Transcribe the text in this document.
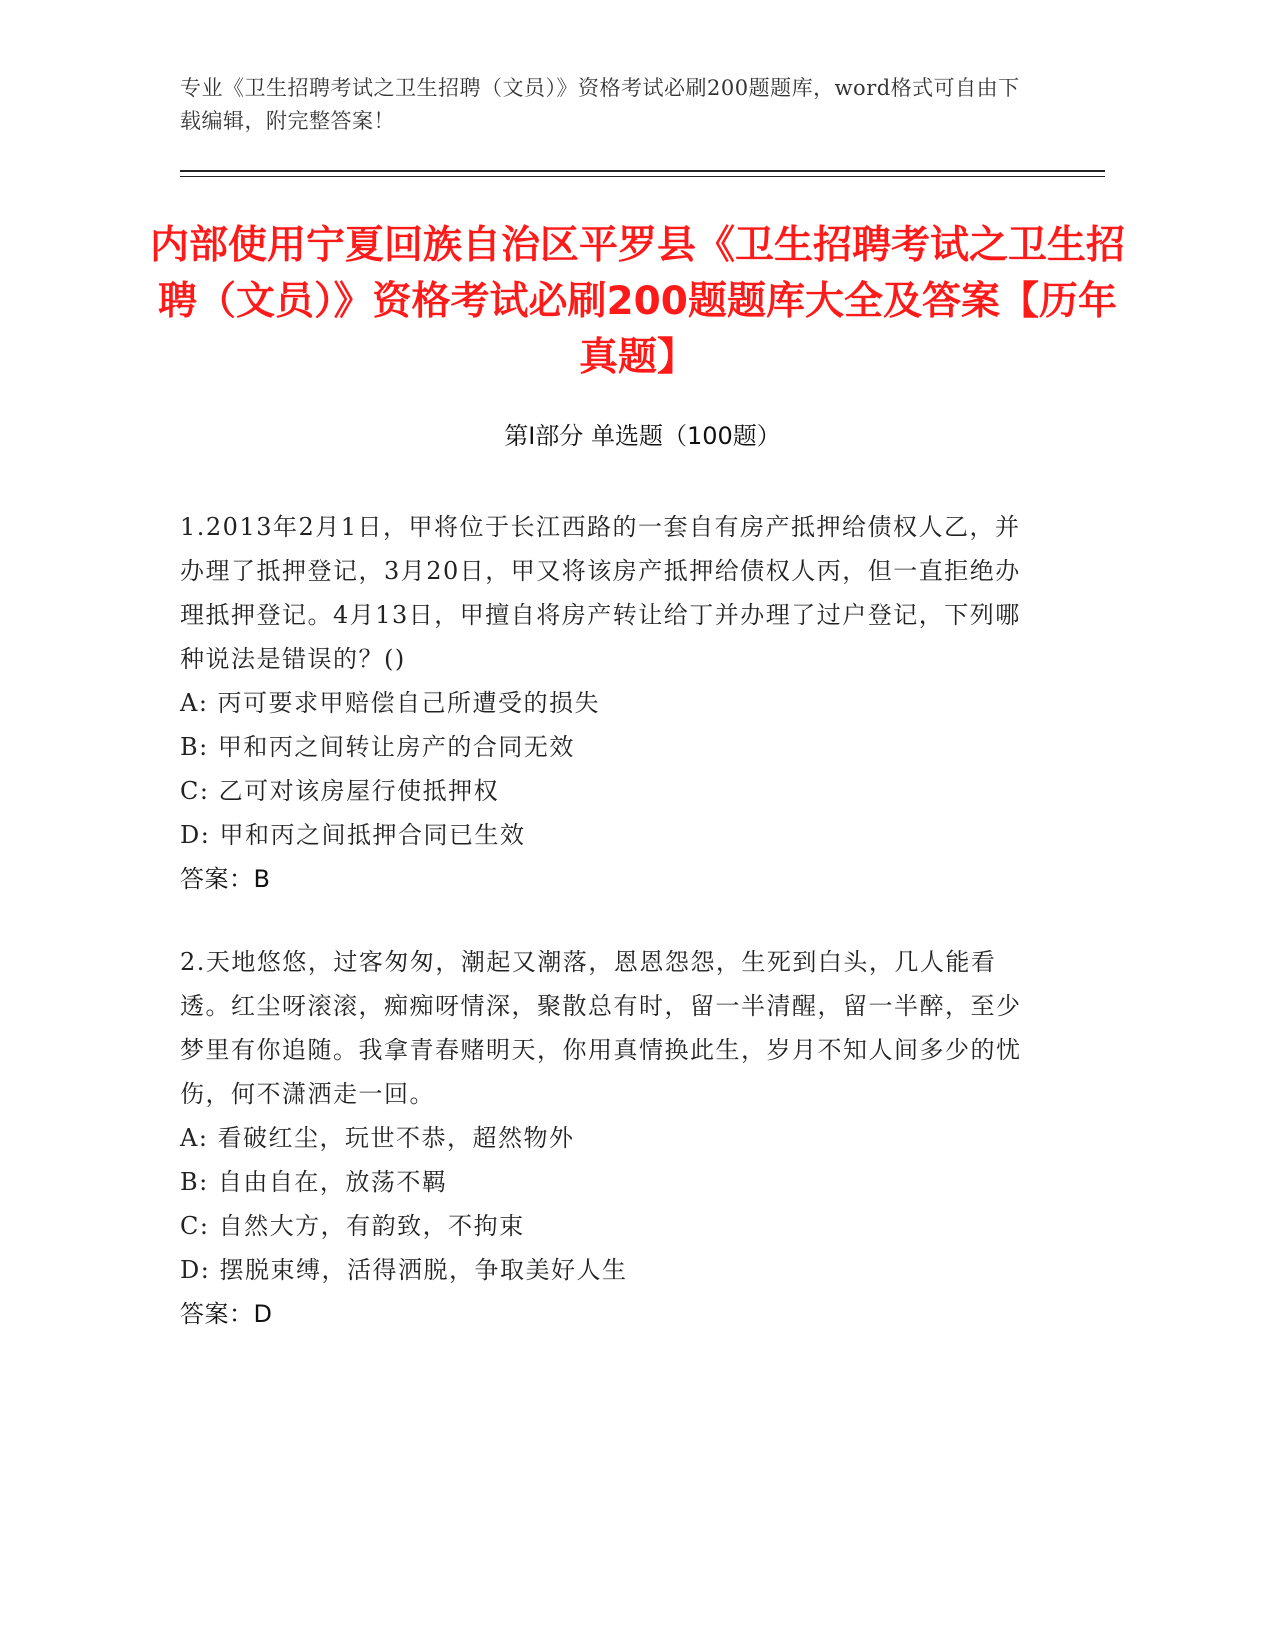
专业《卫生招聘考试之卫生招聘（文员）》资格考试必刷200题题库，word格式可自由下载编辑，附完整答案！
内部使用宁夏回族自治区平罗县《卫生招聘考试之卫生招聘（文员）》资格考试必刷200题题库大全及答案【历年真题】
第I部分 单选题（100题）

1.2013年2月1日，甲将位于长江西路的一套自有房产抵押给债权人乙，并办理了抵押登记，3月20日，甲又将该房产抵押给债权人丙，但一直拒绝办理抵押登记。4月13日，甲擅自将房产转让给丁并办理了过户登记，下列哪种说法是错误的？()

A: 丙可要求甲赔偿自己所遭受的损失

B: 甲和丙之间转让房产的合同无效

C: 乙可对该房屋行使抵押权

D: 甲和丙之间抵押合同已生效

答案：B

2.天地悠悠，过客匆匆，潮起又潮落，恩恩怨怨，生死到白头，几人能看透。红尘呀滚滚，痴痴呀情深，聚散总有时，留一半清醒，留一半醉，至少梦里有你追随。我拿青春赌明天，你用真情换此生，岁月不知人间多少的忧伤，何不潇洒走一回。

A: 看破红尘，玩世不恭，超然物外

B: 自由自在，放荡不羁

C: 自然大方，有韵致，不拘束

D: 摆脱束缚，活得洒脱，争取美好人生

答案：D
